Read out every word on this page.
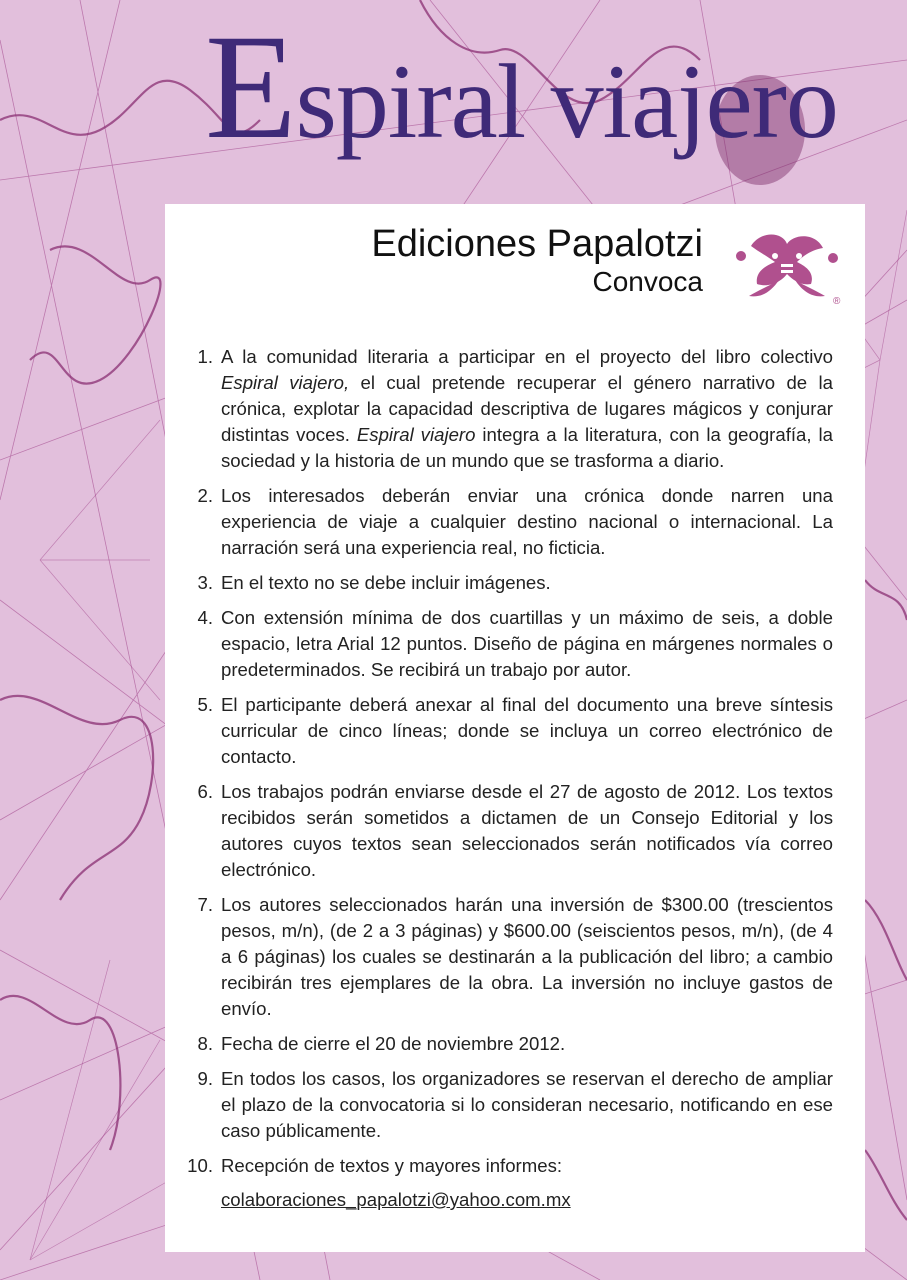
Espiral viajero
Ediciones Papalotzi
Convoca
®
1. A la comunidad literaria a participar en el proyecto del libro colectivo Espiral viajero, el cual pretende recuperar el género narrativo de la crónica, explotar la capacidad descriptiva de lugares mágicos y conjurar distintas voces. Espiral viajero integra a la literatura, con la geografía, la sociedad y la historia de un mundo que se trasforma a diario.
2. Los interesados deberán enviar una crónica donde narren una experiencia de viaje a cualquier destino nacional o internacional. La narración será una experiencia real, no ficticia.
3. En el texto no se debe incluir imágenes.
4. Con extensión mínima de dos cuartillas y un máximo de seis, a doble espacio, letra Arial 12 puntos. Diseño de página en márgenes normales o predeterminados. Se recibirá un trabajo por autor.
5. El participante deberá anexar al final del documento una breve síntesis curricular de cinco líneas; donde se incluya un correo electrónico de contacto.
6. Los trabajos podrán enviarse desde el 27 de agosto de 2012. Los textos recibidos serán sometidos a dictamen de un Consejo Editorial y los autores cuyos textos sean seleccionados serán notificados vía correo electrónico.
7. Los autores seleccionados harán una inversión de $300.00 (trescientos pesos, m/n), (de 2 a 3 páginas) y $600.00 (seiscientos pesos, m/n), (de 4 a 6 páginas) los cuales se destinarán a la publicación del libro; a cambio recibirán tres ejemplares de la obra. La inversión no incluye gastos de envío.
8. Fecha de cierre el 20 de noviembre 2012.
9. En todos los casos, los organizadores se reservan el derecho de ampliar el plazo de la convocatoria si lo consideran necesario, notificando en ese caso públicamente.
10. Recepción de textos y mayores informes:
colaboraciones_papalotzi@yahoo.com.mx
